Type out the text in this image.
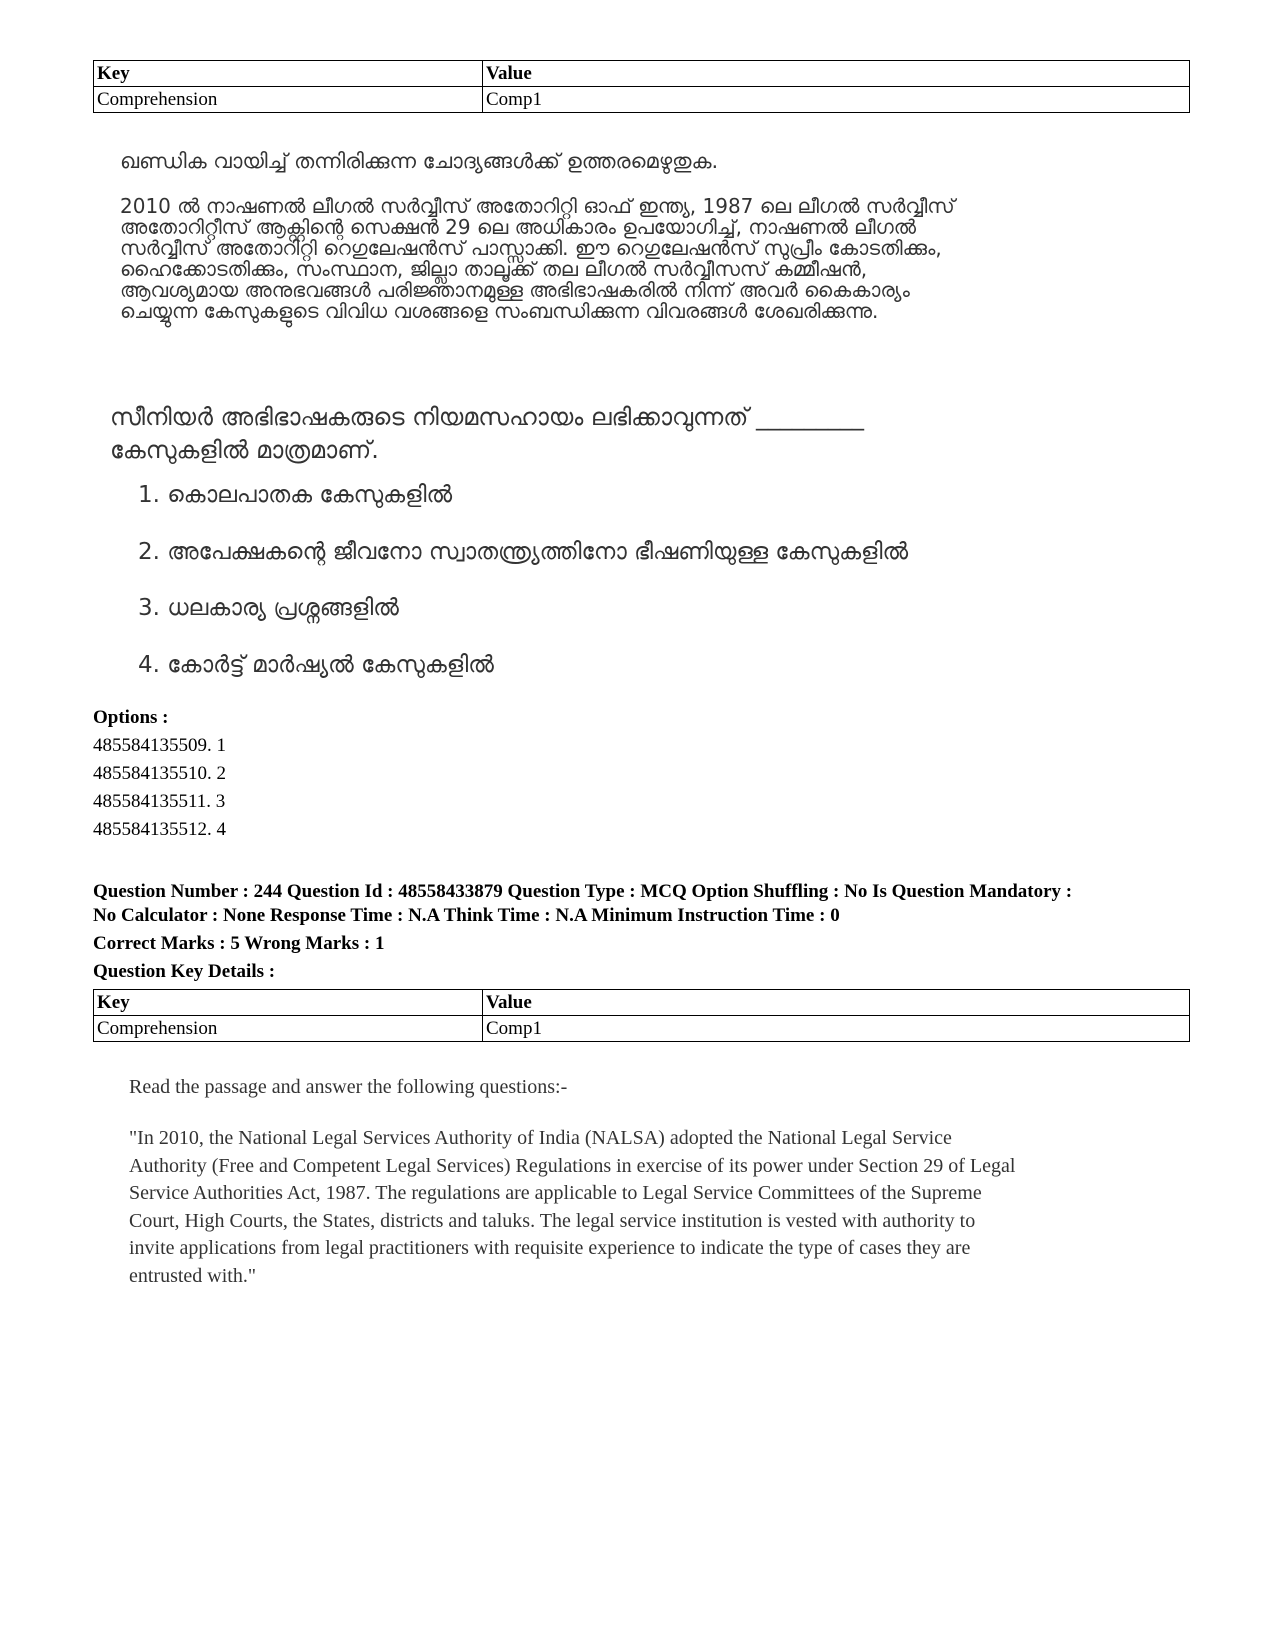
Key	Value
Comprehension	Comp1
ഖണ്ഡിക വായിച്ച് തന്നിരിക്കുന്ന ചോദ്യങ്ങൾക്ക് ഉത്തരമെഴുതുക.
2010 ൽ നാഷണൽ ലീഗൽ സർവ്വീസ് അതോറിറ്റി ഓഫ് ഇന്ത്യ, 1987 ലെ ലീഗൽ സർവ്വീസ്
അതോറിറ്റീസ് ആക്റ്റിന്റെ സെക്ഷൻ 29 ലെ അധികാരം ഉപയോഗിച്ച്, നാഷണൽ ലീഗൽ
സർവ്വീസ് അതോറിറ്റി റെഗുലേഷൻസ് പാസ്സാക്കി. ഈ റെഗുലേഷൻസ് സുപ്രീം കോടതിക്കും,
ഹൈക്കോടതിക്കും, സംസ്ഥാന, ജില്ലാ താലൂക്ക് തല ലീഗൽ സർവ്വീസസ് കമ്മീഷൻ,
ആവശ്യമായ അനുഭവങ്ങൾ പരിജ്ഞാനമുള്ള അഭിഭാഷകരിൽ നിന്ന് അവർ കൈകാര്യം
ചെയ്യുന്ന കേസുകളുടെ വിവിധ വശങ്ങളെ സംബന്ധിക്കുന്ന വിവരങ്ങൾ ശേഖരിക്കുന്നു.
സീനിയർ അഭിഭാഷകരുടെ നിയമസഹായം ലഭിക്കാവുന്നത് _________
കേസുകളിൽ മാത്രമാണ്.
1. കൊലപാതക കേസുകളിൽ
2. അപേക്ഷകന്റെ ജീവനോ സ്വാതന്ത്ര്യത്തിനോ ഭീഷണിയുള്ള കേസുകളിൽ
3. ധലകാര്യ പ്രശ്നങ്ങളിൽ
4. കോർട്ട് മാർഷ്യൽ കേസുകളിൽ
Options :
485584135509. 1
485584135510. 2
485584135511. 3
485584135512. 4
Question Number : 244 Question Id : 48558433879 Question Type : MCQ Option Shuffling : No Is Question Mandatory :
No Calculator : None Response Time : N.A Think Time : N.A Minimum Instruction Time : 0
Correct Marks : 5 Wrong Marks : 1
Question Key Details :
Key	Value
Comprehension	Comp1
Read the passage and answer the following questions:-
"In 2010, the National Legal Services Authority of India (NALSA) adopted the National Legal Service
Authority (Free and Competent Legal Services) Regulations in exercise of its power under Section 29 of Legal
Service Authorities Act, 1987. The regulations are applicable to Legal Service Committees of the Supreme
Court, High Courts, the States, districts and taluks. The legal service institution is vested with authority to
invite applications from legal practitioners with requisite experience to indicate the type of cases they are
entrusted with."
